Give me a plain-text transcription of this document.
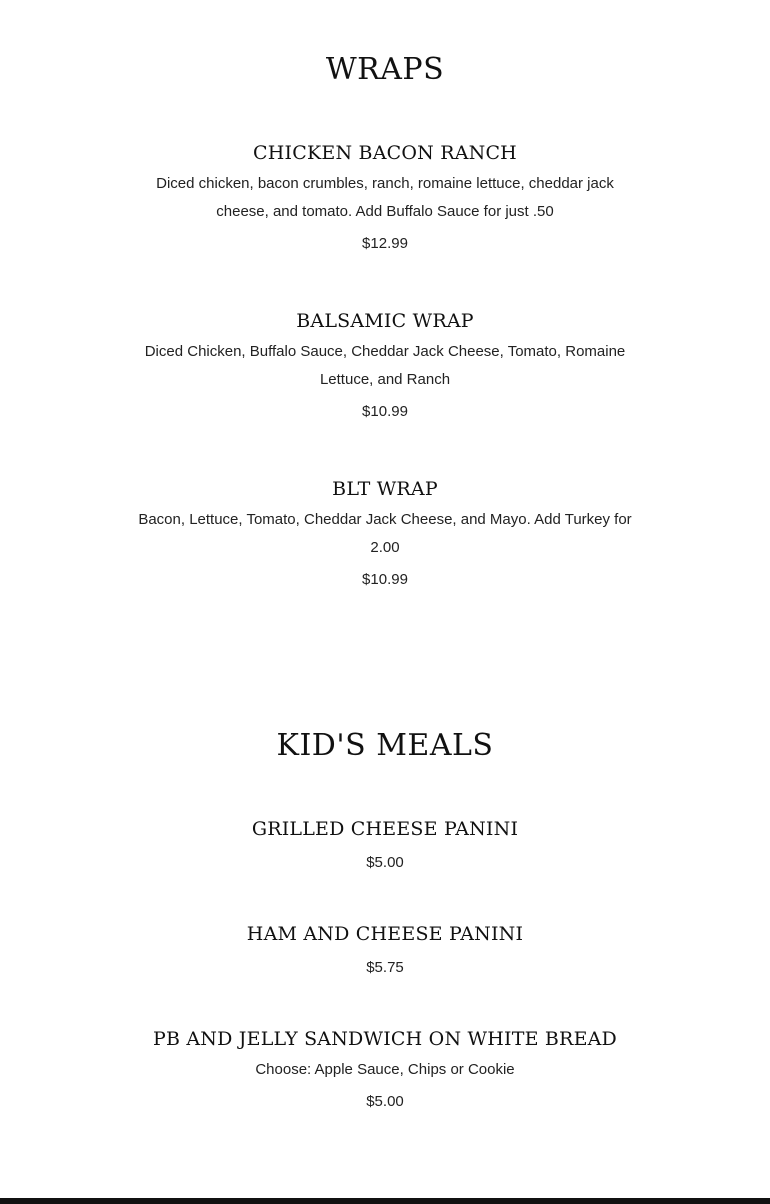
WRAPS
CHICKEN BACON RANCH

Diced chicken, bacon crumbles, ranch, romaine lettuce, cheddar jack
cheese, and tomato. Add Buffalo Sauce for just .50

$12.99

BALSAMIC WRAP

Diced Chicken, Buffalo Sauce, Cheddar Jack Cheese, Tomato, Romaine
Lettuce, and Ranch

$10.99

BLT WRAP

Bacon, Lettuce, Tomato, Cheddar Jack Cheese, and Mayo. Add Turkey for
2.00

$10.99

KID'S MEALS
GRILLED CHEESE PANINI

$5.00

HAM AND CHEESE PANINI

$5.75

PB AND JELLY SANDWICH ON WHITE BREAD

Choose: Apple Sauce, Chips or Cookie

$5.00
